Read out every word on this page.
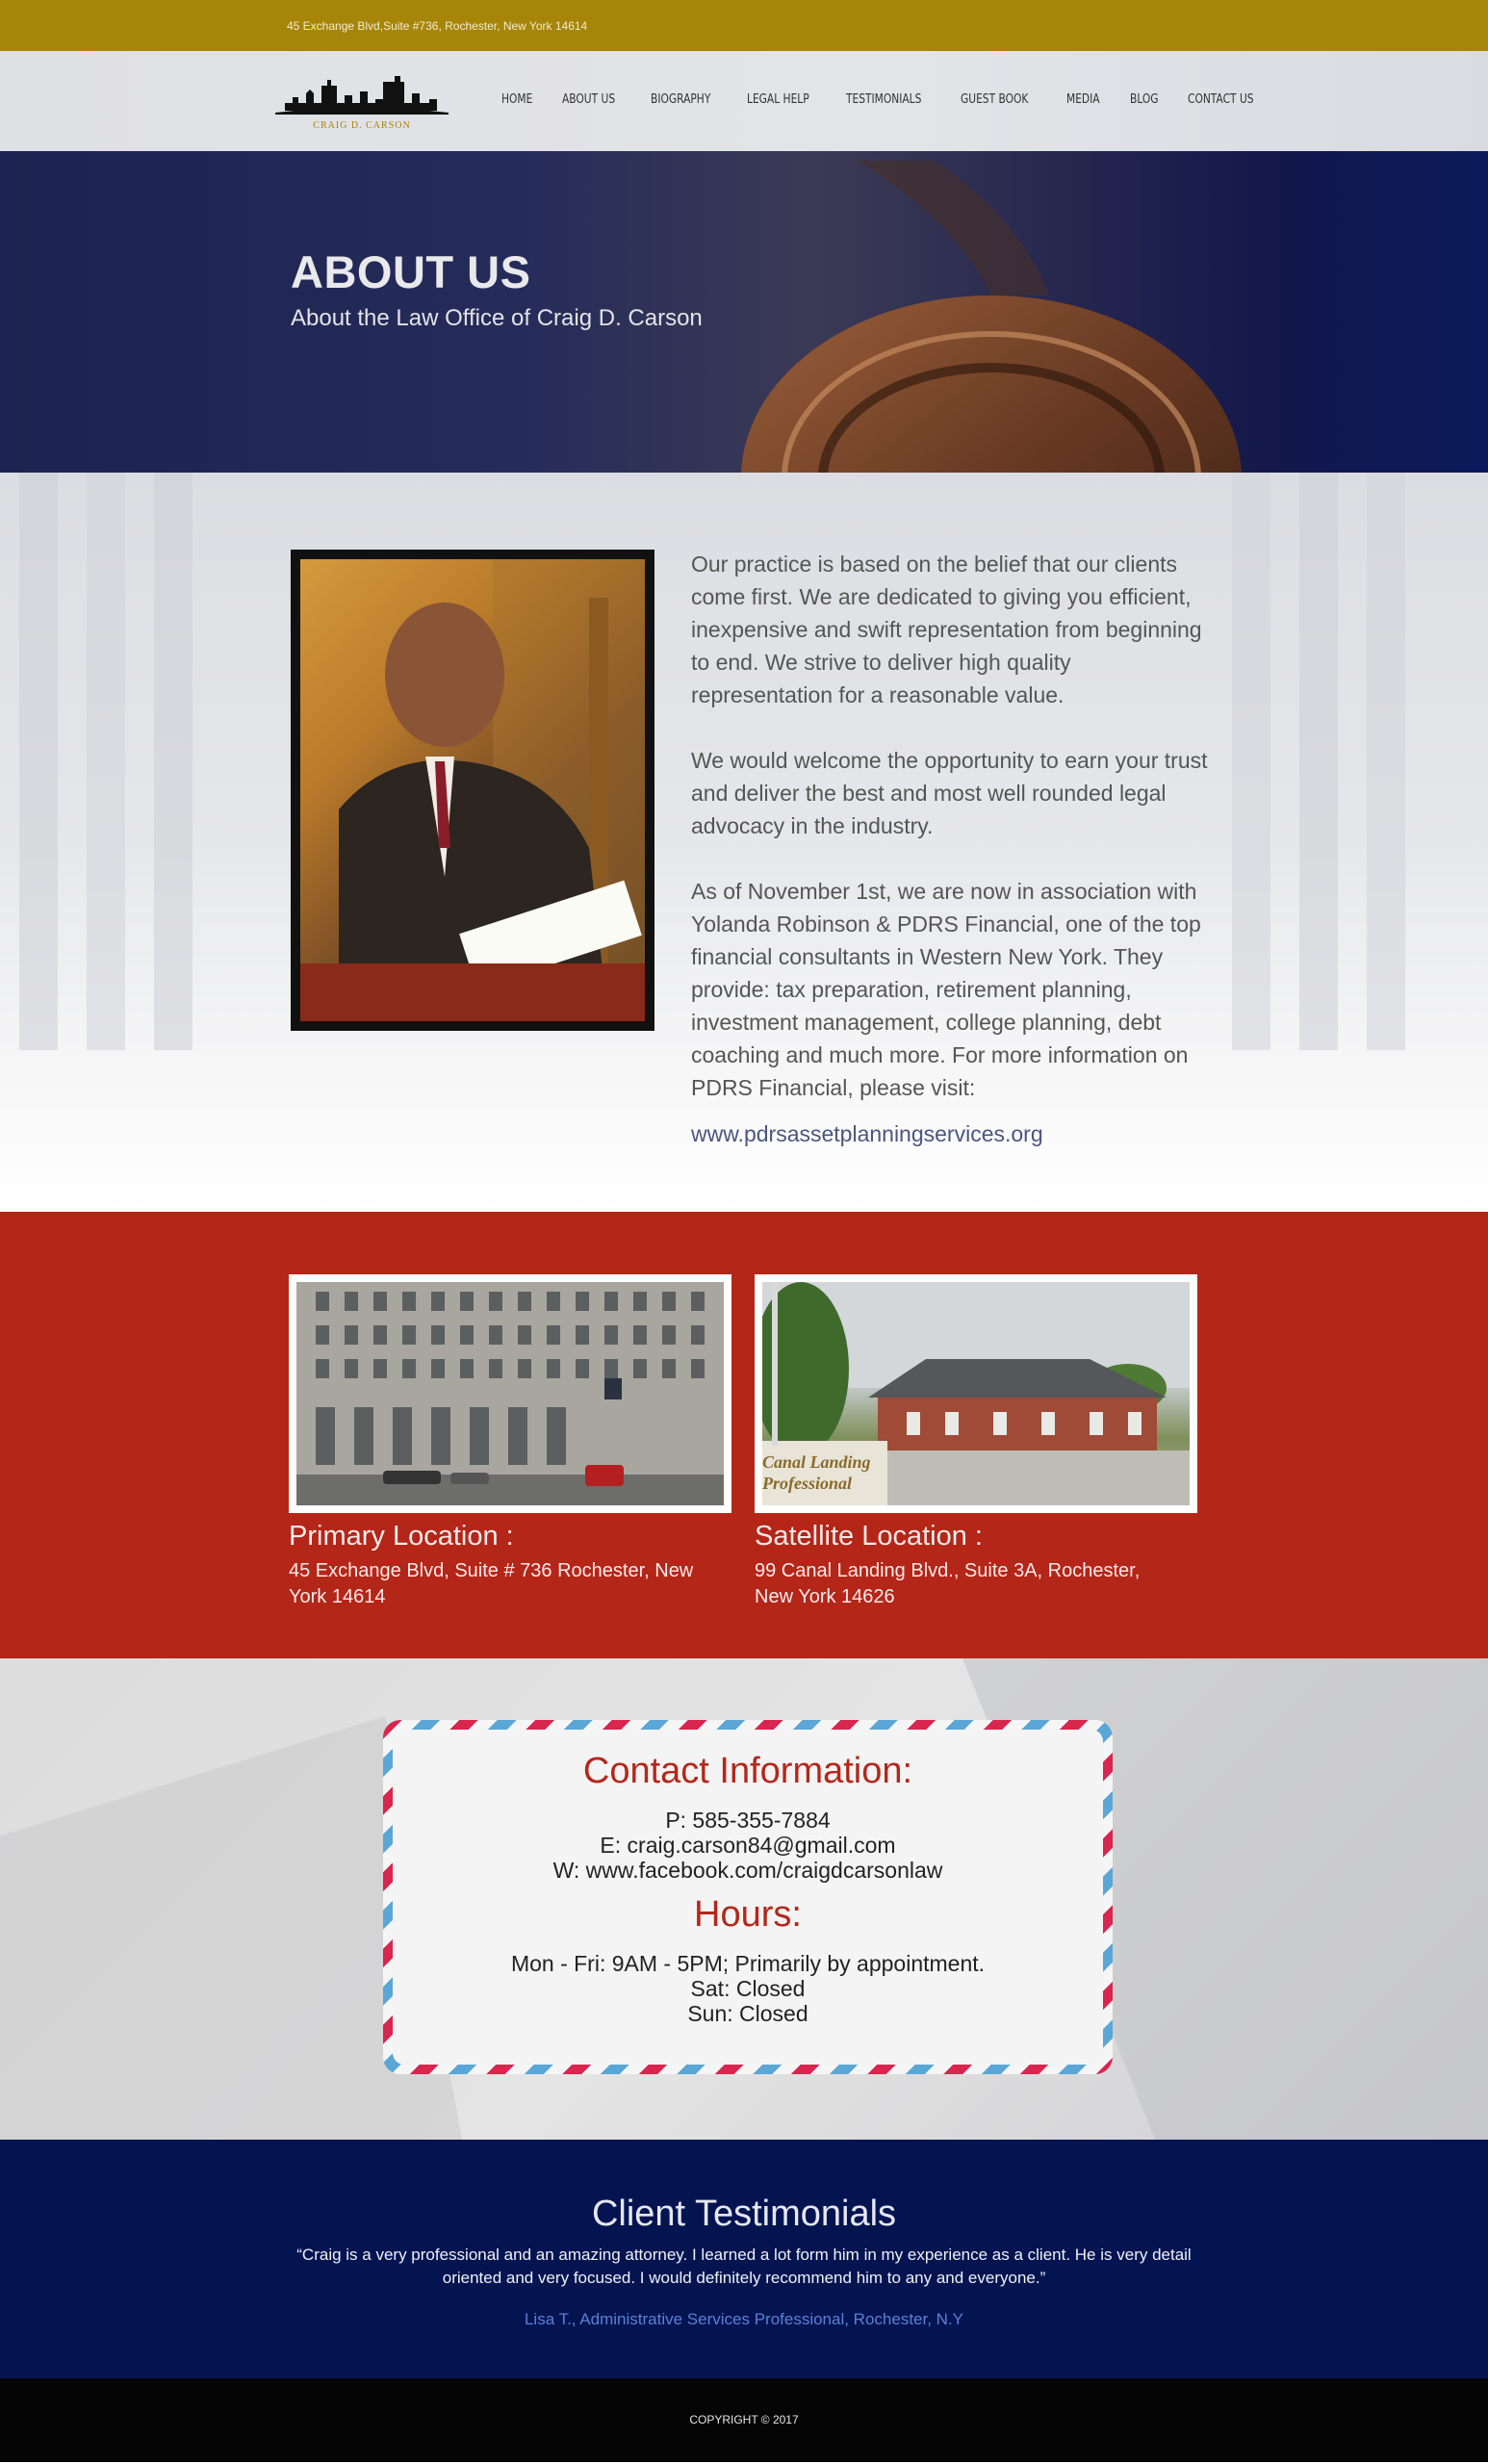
45 Exchange Blvd,Suite #736, Rochester, New York 14614
CRAIG D. CARSON
HOME ABOUT US	BIOGRAPHY	LEGAL HELP	TESTIMONIALS	GUEST BOOK	MEDIA BLOG CONTACT US
ABOUT US
About the Law Office of Craig D. Carson

Our practice is based on the belief that our clients come first. We are dedicated to giving you efficient, inexpensive and swift representation from beginning to end. We strive to deliver high quality representation for a reasonable value.

We would welcome the opportunity to earn your trust and deliver the best and most well rounded legal advocacy in the industry.

As of November 1st, we are now in association with Yolanda Robinson & PDRS Financial, one of the top financial consultants in Western New York. They provide: tax preparation, retirement planning, investment management, college planning, debt coaching and much more. For more information on PDRS Financial, please visit:

www.pdrsassetplanningservices.org
Primary Location :
45 Exchange Blvd, Suite # 736 Rochester, New York 14614
Canal Landing Professional
Satellite Location :
99 Canal Landing Blvd., Suite 3A, Rochester, New York 14626
Contact Information:
P: 585-355-7884
E: craig.carson84@gmail.com
W: www.facebook.com/craigdcarsonlaw
Hours:
Mon - Fri: 9AM - 5PM; Primarily by appointment.
Sat: Closed
Sun: Closed
Client Testimonials
“Craig is a very professional and an amazing attorney. I learned a lot form him in my experience as a client. He is very detail oriented and very focused. I would definitely recommend him to any and everyone.”
Lisa T., Administrative Services Professional, Rochester, N.Y
COPYRIGHT © 2017
